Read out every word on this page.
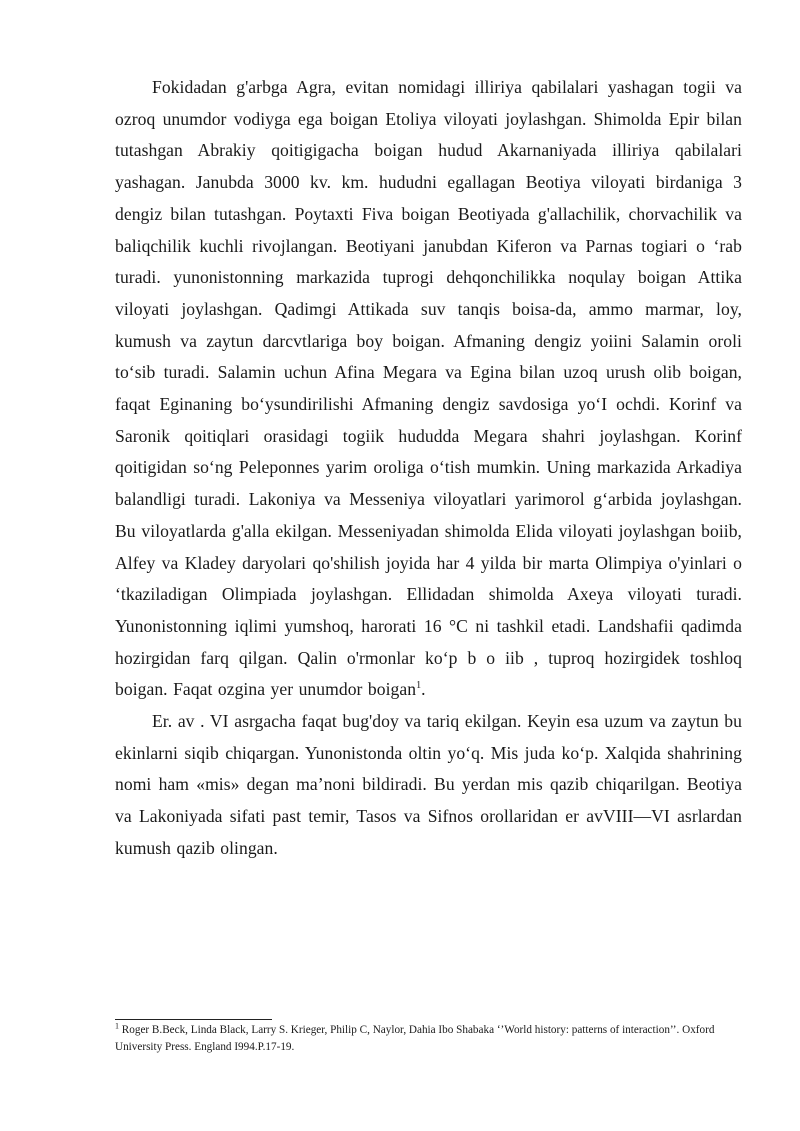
Fokidadan g'arbga Agra, evitan nomidagi illiriya qabilalari yashagan togii va ozroq unumdor vodiyga ega boigan Etoliya viloyati joylashgan. Shimolda Epir bilan tutashgan Abrakiy qoitigigacha boigan hudud Akarnaniyada illiriya qabilalari yashagan. Janubda 3000 kv. km. hududni egallagan Beotiya viloyati birdaniga 3 dengiz bilan tutashgan. Poytaxti Fiva boigan Beotiyada g'allachilik, chorvachilik va baliqchilik kuchli rivojlangan. Beotiyani janubdan Kiferon va Parnas togiari o ‘rab turadi. yunonistonning markazida tuprogi dehqonchilikka noqulay boigan Attika viloyati joylashgan. Qadimgi Attikada suv tanqis boisa-da, ammo marmar, loy, kumush va zaytun darcvtlariga boy boigan. Afmaning dengiz yoiini Salamin oroli to‘sib turadi. Salamin uchun Afina Megara va Egina bilan uzoq urush olib boigan, faqat Eginaning bo‘ysundirilishi Afmaning dengiz savdosiga yo‘I ochdi. Korinf va Saronik qoitiqlari orasidagi togiik hududda Megara shahri joylashgan. Korinf qoitigidan so‘ng Peleponnes yarim oroliga o‘tish mumkin. Uning markazida Arkadiya balandligi turadi. Lakoniya va Messeniya viloyatlari yarimorol g‘arbida joylashgan. Bu viloyatlarda g'alla ekilgan. Messeniyadan shimolda Elida viloyati joylashgan boiib, Alfey va Kladey daryolari qo'shilish joyida har 4 yilda bir marta Olimpiya o'yinlari o ‘tkaziladigan Olimpiada joylashgan. Ellidadan shimolda Axeya viloyati turadi. Yunonistonning iqlimi yumshoq, harorati 16 °C ni tashkil etadi. Landshafii qadimda hozirgidan farq qilgan. Qalin o'rmonlar ko‘p b o iib , tuproq hozirgidek toshloq boigan. Faqat ozgina yer unumdor boigan$^1$.

Er. av . VI asrgacha faqat bug'doy va tariq ekilgan. Keyin esa uzum va zaytun bu ekinlarni siqib chiqargan. Yunonistonda oltin yo‘q. Mis juda ko‘p. Xalqida shahrining nomi ham «mis» degan ma’noni bildiradi. Bu yerdan mis qazib chiqarilgan. Beotiya va Lakoniyada sifati past temir, Tasos va Sifnos orollaridan er avVIII—VI asrlardan kumush qazib olingan.

$^1$ Roger B.Beck, Linda Black, Larry S. Krieger, Philip C, Naylor, Dahia Ibo Shabaka ‘’World history: patterns of interaction’’. Oxford University Press. England I994.P.17-19.
